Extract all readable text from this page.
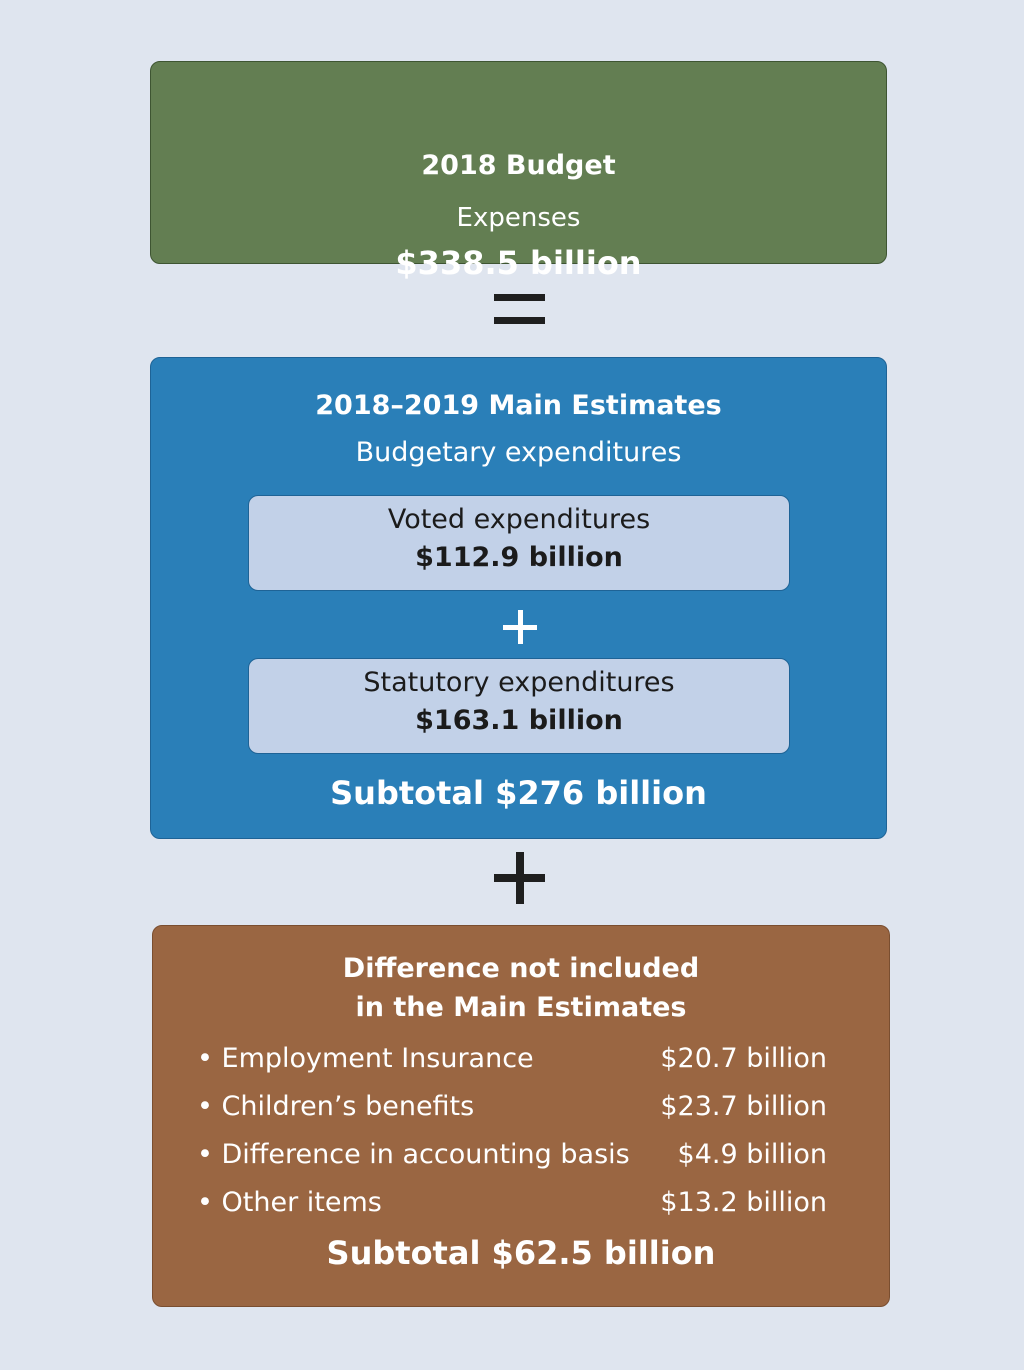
2018 Budget
Expenses
$338.5 billion
2018–2019 Main Estimates
Budgetary expenditures
Voted expenditures
$112.9 billion
Statutory expenditures
$163.1 billion
Subtotal $276 billion
Difference not included
in the Main Estimates
• Employment Insurance	$20.7 billion
• Children’s benefits	$23.7 billion
• Difference in accounting basis $4.9 billion
• Other items	$13.2 billion
Subtotal $62.5 billion
